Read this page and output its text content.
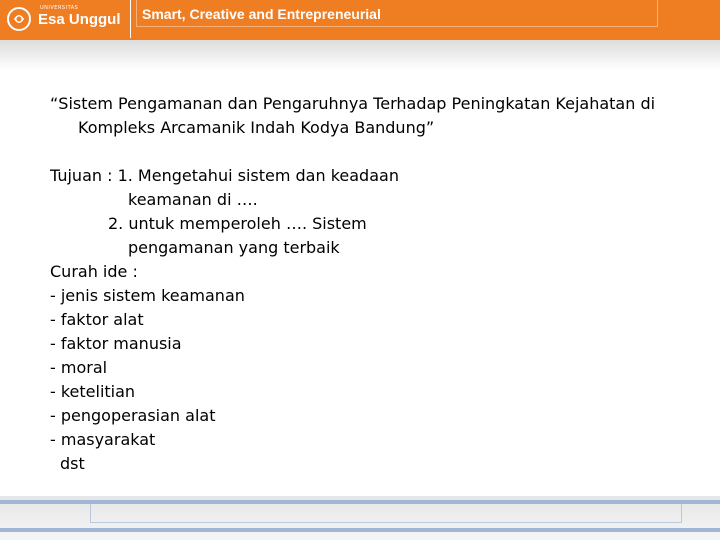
UNIVERSITAS
Esa Unggul Smart, Creative and Entrepreneurial

“Sistem Pengamanan dan Pengaruhnya Terhadap Peningkatan Kejahatan di

Kompleks Arcamanik Indah Kodya Bandung”

Tujuan : 1. Mengetahui sistem dan keadaan

keamanan di ….

2. untuk memperoleh …. Sistem

pengamanan yang terbaik

Curah ide :

- jenis sistem keamanan

- faktor alat

- faktor manusia

- moral

- ketelitian

- pengoperasian alat

- masyarakat

dst
